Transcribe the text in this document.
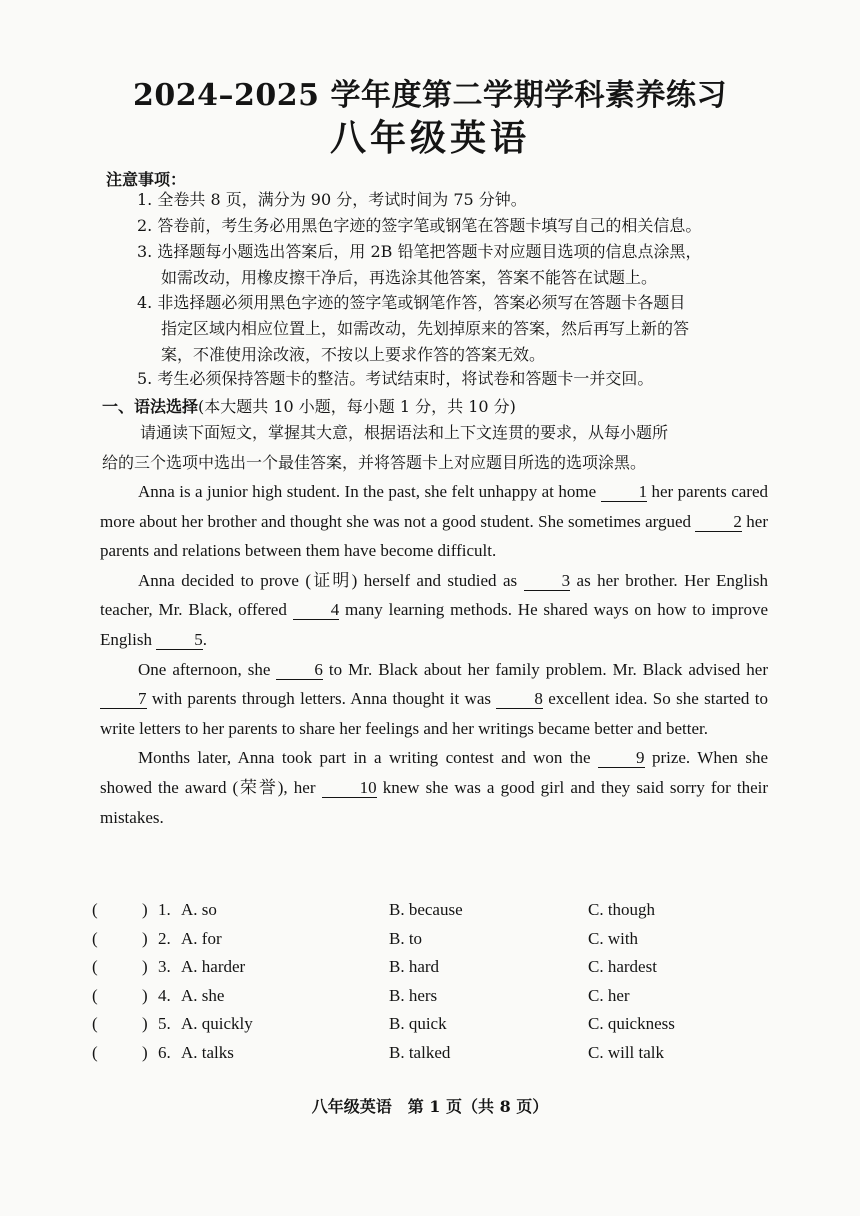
2024–2025 学年度第二学期学科素养练习
八年级英语
注意事项：
1. 全卷共 8 页，满分为 90 分，考试时间为 75 分钟。
2. 答卷前，考生务必用黑色字迹的签字笔或钢笔在答题卡填写自己的相关信息。
3. 选择题每小题选出答案后，用 2B 铅笔把答题卡对应题目选项的信息点涂黑，
如需改动，用橡皮擦干净后，再选涂其他答案，答案不能答在试题上。
4. 非选择题必须用黑色字迹的签字笔或钢笔作答，答案必须写在答题卡各题目
指定区域内相应位置上，如需改动，先划掉原来的答案，然后再写上新的答
案，不准使用涂改液，不按以上要求作答的答案无效。
5. 考生必须保持答题卡的整洁。考试结束时，将试卷和答题卡一并交回。
一、语法选择(本大题共 10 小题，每小题 1 分，共 10 分)
请通读下面短文，掌握其大意，根据语法和上下文连贯的要求，从每小题所
给的三个选项中选出一个最佳答案，并将答题卡上对应题目所选的选项涂黑。

Anna is a junior high student. In the past, she felt unhappy at home 1 her parents cared more about her brother and thought she was not a good student. She sometimes argued 2 her parents and relations between them have become difficult.

Anna decided to prove (证明) herself and studied as 3 as her brother. Her English teacher, Mr. Black, offered 4 many learning methods. He shared ways on how to improve English 5.

One afternoon, she 6 to Mr. Black about her family problem. Mr. Black advised her 7 with parents through letters. Anna thought it was 8 excellent idea. So she started to write letters to her parents to share her feelings and her writings became better and better.

Months later, Anna took part in a writing contest and won the 9 prize. When she showed the award (荣誉), her 10 knew she was a good girl and they said sorry for their mistakes.

(	) 1. A. so	B. because	C. though
(	) 2. A. for	B. to	C. with
(	) 3. A. harder	B. hard	C. hardest
(	) 4. A. she	B. hers	C. her
(	) 5. A. quickly	B. quick	C. quickness
(	) 6. A. talks	B. talked	C. will talk
八年级英语　第 1 页（共 8 页）
